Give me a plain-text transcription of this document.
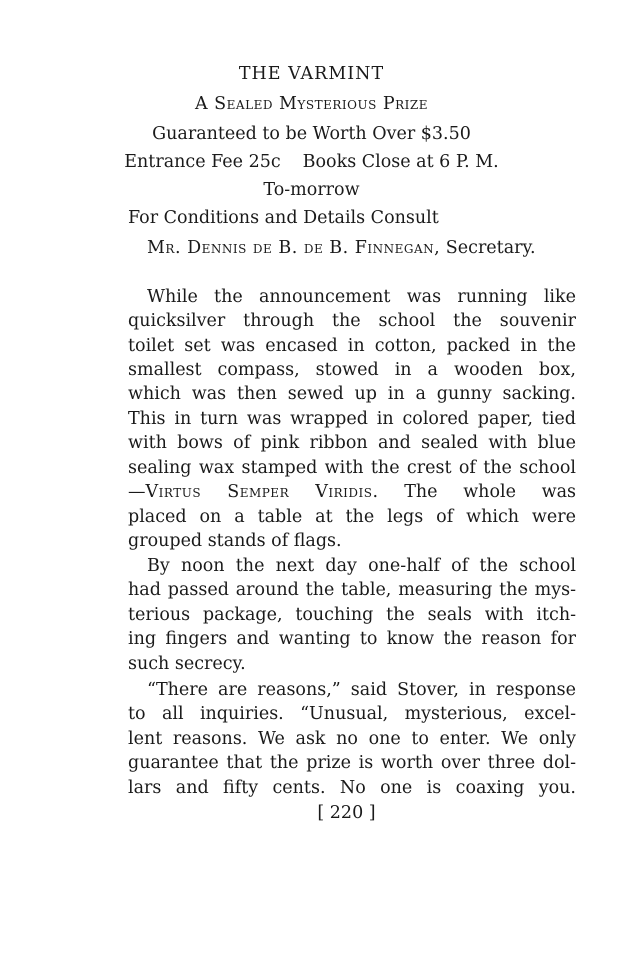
THE VARMINT
A Sealed Mysterious Prize
Guaranteed to be Worth Over $3.50
Entrance Fee 25c Books Close at 6 P. M.
To-morrow
For Conditions and Details Consult
Mr. Dennis de B. de B. Finnegan, Secretary.
While the announcement was running like
quicksilver through the school the souvenir
toilet set was encased in cotton, packed in the
smallest compass, stowed in a wooden box,
which was then sewed up in a gunny sacking.
This in turn was wrapped in colored paper, tied
with bows of pink ribbon and sealed with blue
sealing wax stamped with the crest of the school
—Virtus Semper Viridis. The whole was
placed on a table at the legs of which were
grouped stands of flags.
By noon the next day one-half of the school
had passed around the table, measuring the mys-
terious package, touching the seals with itch-
ing fingers and wanting to know the reason for
such secrecy.
“There are reasons,” said Stover, in response
to all inquiries. “Unusual, mysterious, excel-
lent reasons. We ask no one to enter. We only
guarantee that the prize is worth over three dol-
lars and fifty cents. No one is coaxing you.
[ 220 ]
